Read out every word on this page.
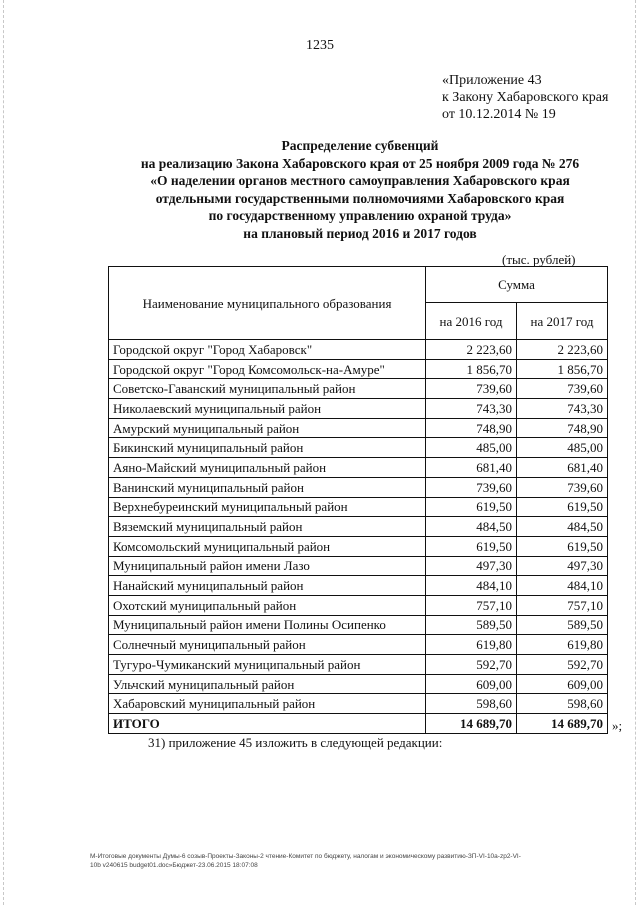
1235
«Приложение 43
к Закону Хабаровского края
от 10.12.2014 № 19
Распределение субвенций
на реализацию Закона Хабаровского края от 25 ноября 2009 года № 276
«О наделении органов местного самоуправления Хабаровского края
отдельными государственными полномочиями Хабаровского края
по государственному управлению охраной труда»
на плановый период 2016 и 2017 годов
(тыс. рублей)
Наименование муниципального образования	Сумма	
	на 2016 год	на 2017 год
Городской округ "Город Хабаровск"	2 223,60	2 223,60
Городской округ "Город Комсомольск-на-Амуре"	1 856,70	1 856,70
Советско-Гаванский муниципальный район	739,60	739,60
Николаевский муниципальный район	743,30	743,30
Амурский муниципальный район	748,90	748,90
Бикинский муниципальный район	485,00	485,00
Аяно-Майский муниципальный район	681,40	681,40
Ванинский муниципальный район	739,60	739,60
Верхнебуреинский муниципальный район	619,50	619,50
Вяземский муниципальный район	484,50	484,50
Комсомольский муниципальный район	619,50	619,50
Муниципальный район имени Лазо	497,30	497,30
Нанайский муниципальный район	484,10	484,10
Охотский муниципальный район	757,10	757,10
Муниципальный район имени Полины Осипенко	589,50	589,50
Солнечный муниципальный район	619,80	619,80
Тугуро-Чумиканский муниципальный район	592,70	592,70
Ульчский муниципальный район	609,00	609,00
Хабаровский муниципальный район	598,60	598,60
ИТОГО	14 689,70	14 689,70 »;
31) приложение 45 изложить в следующей редакции:
М-Итоговые документы Думы-6 созыв-Проекты-Законы-2 чтение-Комитет по бюджету, налогам и экономическому развитию-ЗП-VI-10a-zp2-VI-
10b v240615 budget01.doc»Бюджет-23.06.2015 18:07:08
